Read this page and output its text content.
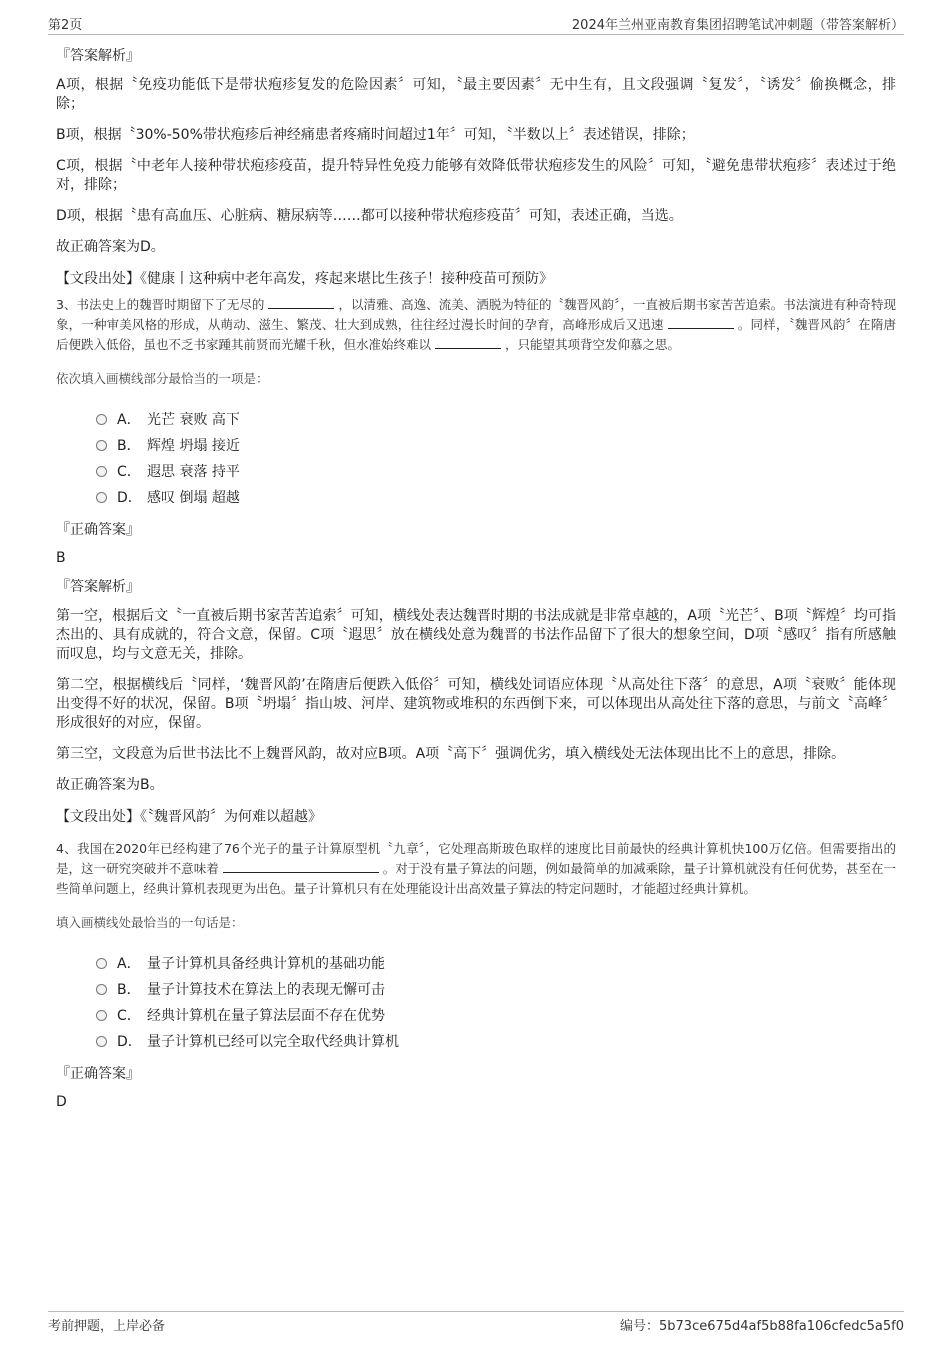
第2页	2024年兰州亚南教育集团招聘笔试冲刺题（带答案解析）
『答案解析』

A项，根据〝免疫功能低下是带状疱疹复发的危险因素〞可知，〝最主要因素〞无中生有，且文段强调〝复发〞，〝诱发〞偷换概念，排除；

B项，根据〝30%-50%带状疱疹后神经痛患者疼痛时间超过1年〞可知，〝半数以上〞表述错误，排除；

C项，根据〝中老年人接种带状疱疹疫苗，提升特异性免疫力能够有效降低带状疱疹发生的风险〞可知，〝避免患带状疱疹〞表述过于绝对，排除；

D项，根据〝患有高血压、心脏病、糖尿病等……都可以接种带状疱疹疫苗〞可知，表述正确，当选。

故正确答案为D。

【文段出处】《健康丨这种病中老年高发，疼起来堪比生孩子！接种疫苗可预防》

3、书法史上的魏晋时期留下了无尽的	，以清雅、高逸、流美、洒脱为特征的〝魏晋风韵〞，一直被后期书家苦苦追索。书法演进有种奇特现象，一种审美风格的形成，从萌动、滋生、繁茂、壮大到成熟，往往经过漫长时间的孕育，高峰形成后又迅速	。同样，〝魏晋风韵〞在隋唐后便跌入低俗，虽也不乏书家踵其前贤而光耀千秋，但水准始终难以	，只能望其项背空发仰慕之思。

依次填入画横线部分最恰当的一项是：
A． 光芒 衰败 高下
B． 辉煌 坍塌 接近
C． 遐思 衰落 持平
D． 感叹 倒塌 超越
『正确答案』
B
『答案解析』

第一空，根据后文〝一直被后期书家苦苦追索〞可知，横线处表达魏晋时期的书法成就是非常卓越的，A项〝光芒〞、B项〝辉煌〞均可指杰出的、具有成就的，符合文意，保留。C项〝遐思〞放在横线处意为魏晋的书法作品留下了很大的想象空间，D项〝感叹〞指有所感触而叹息，均与文意无关，排除。

第二空，根据横线后〝同样，‘魏晋风韵’在隋唐后便跌入低俗〞可知，横线处词语应体现〝从高处往下落〞的意思，A项〝衰败〞能体现出变得不好的状况，保留。B项〝坍塌〞指山坡、河岸、建筑物或堆积的东西倒下来，可以体现出从高处往下落的意思，与前文〝高峰〞形成很好的对应，保留。

第三空，文段意为后世书法比不上魏晋风韵，故对应B项。A项〝高下〞强调优劣，填入横线处无法体现出比不上的意思，排除。

故正确答案为B。

【文段出处】《〝魏晋风韵〞为何难以超越》

4、我国在2020年已经构建了76个光子的量子计算原型机〝九章〞，它处理高斯玻色取样的速度比目前最快的经典计算机快100万亿倍。但需要指出的是，这一研究突破并不意味着	。对于没有量子算法的问题，例如最简单的加减乘除，量子计算机就没有任何优势，甚至在一些简单问题上，经典计算机表现更为出色。量子计算机只有在处理能设计出高效量子算法的特定问题时，才能超过经典计算机。

填入画横线处最恰当的一句话是：
A． 量子计算机具备经典计算机的基础功能
B． 量子计算技术在算法上的表现无懈可击
C． 经典计算机在量子算法层面不存在优势
D． 量子计算机已经可以完全取代经典计算机
『正确答案』
D
考前押题，上岸必备	编号：5b73ce675d4af5b88fa106cfedc5a5f0
